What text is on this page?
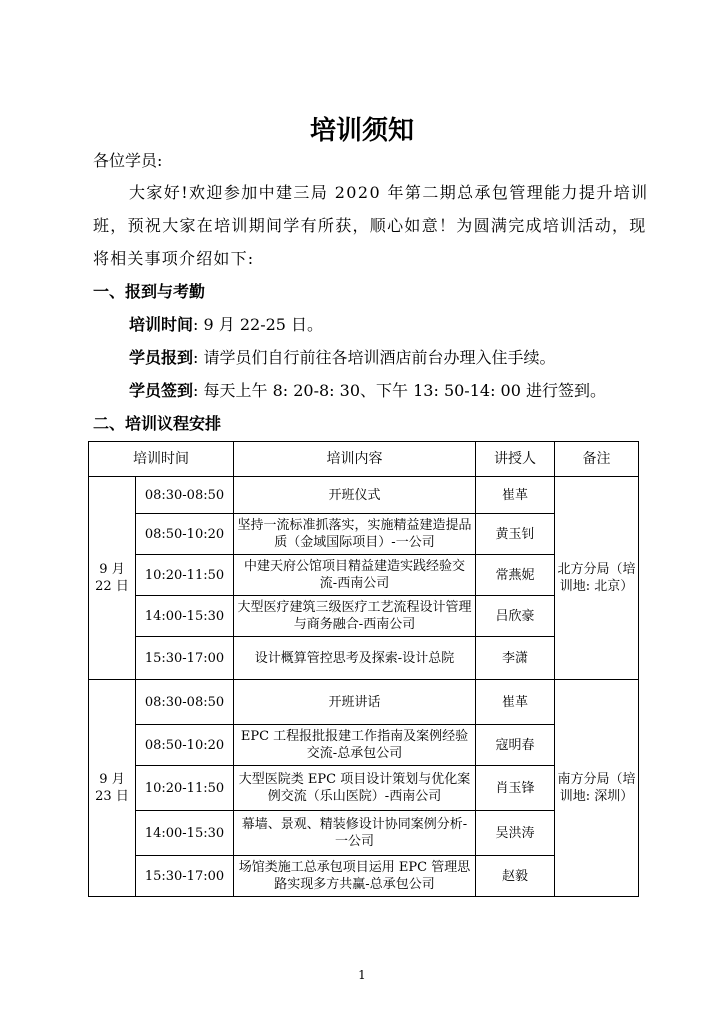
培训须知
各位学员:
大家好!欢迎参加中建三局 2020 年第二期总承包管理能力提升培训
班，预祝大家在培训期间学有所获，顺心如意！为圆满完成培训活动，现
将相关事项介绍如下:
一、报到与考勤
培训时间: 9 月 22-25 日。
学员报到: 请学员们自行前往各培训酒店前台办理入住手续。
学员签到: 每天上午 8: 20-8: 30、下午 13: 50-14: 00 进行签到。
二、培训议程安排
培训时间		培训内容	讲授人	备注
9 月 22 日	08:30-08:50	开班仪式	崔革	北方分局（培训地: 北京）
	08:50-10:20	坚持一流标准抓落实，实施精益建造提品质（金域国际项目）-一公司	黄玉钊	
	10:20-11:50	中建天府公馆项目精益建造实践经验交流-西南公司	常燕妮	
	14:00-15:30	大型医疗建筑三级医疗工艺流程设计管理与商务融合-西南公司	吕欣豪	
	15:30-17:00	设计概算管控思考及探索-设计总院	李潇	
9 月 23 日	08:30-08:50	开班讲话	崔革	南方分局（培训地: 深圳）
	08:50-10:20	EPC 工程报批报建工作指南及案例经验交流-总承包公司	寇明春	
	10:20-11:50	大型医院类 EPC 项目设计策划与优化案例交流（乐山医院）-西南公司	肖玉锋	
	14:00-15:30	幕墙、景观、精装修设计协同案例分析-一公司	吴洪涛	
	15:30-17:00	场馆类施工总承包项目运用 EPC 管理思路实现多方共赢-总承包公司	赵毅	
1
